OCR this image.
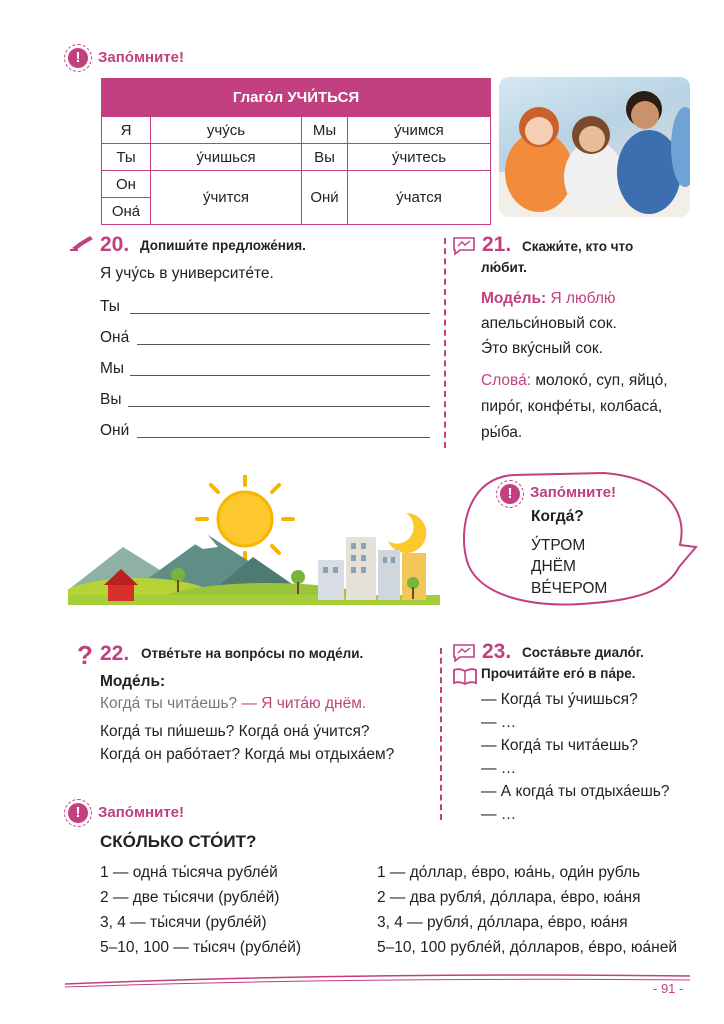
!	Запо́мните!
Глаго́л УЧИ́ТЬСЯ			
Я	учу́сь	Мы	у́чимся
Ты	у́чишься	Вы	у́читесь
Он	у́чится	Они́	у́чатся
Она́			
20. Допиши́те предложе́ния.
Я учу́сь в университе́те.
Ты
Она́
Мы
Вы
Они́
21. Скажи́те, кто что
лю́бит.
Моде́ль: Я люблю́
апельси́новый сок.
Э́то вку́сный сок.
Слова́: молоко́, суп, яйцо́,
пиро́г, конфе́ты, колбаса́,
ры́ба.
!	Запо́мните!
Когда́?
У́ТРОМ
ДНЁМ
ВЕ́ЧЕРОМ
? 22. Отве́тьте на вопро́сы по моде́ли.
Моде́ль:
Когда́ ты чита́ешь? — Я чита́ю днём.
Когда́ ты пи́шешь? Когда́ она́ у́чится?
Когда́ он рабо́тает? Когда́ мы отдыха́ем?
23. Соста́вьте диало́г.
Прочита́йте его́ в па́ре.
— Когда́ ты у́чишься?
— …
— Когда́ ты чита́ешь?
— …
— А когда́ ты отдыха́ешь?
— …
!	Запо́мните!
СКО́ЛЬКО СТО́ИТ?
1 — одна́ ты́сяча рубле́й
2 — две ты́сячи (рубле́й)
3, 4 — ты́сячи (рубле́й)
5–10, 100 — ты́сяч (рубле́й)
1 — до́ллар, е́вро, юа́нь, оди́н рубль
2 — два рубля́, до́ллара, е́вро, юа́ня
3, 4 — рубля́, до́ллара, е́вро, юа́ня
5–10, 100 рубле́й, до́лларов, е́вро, юа́ней
- 91 -
